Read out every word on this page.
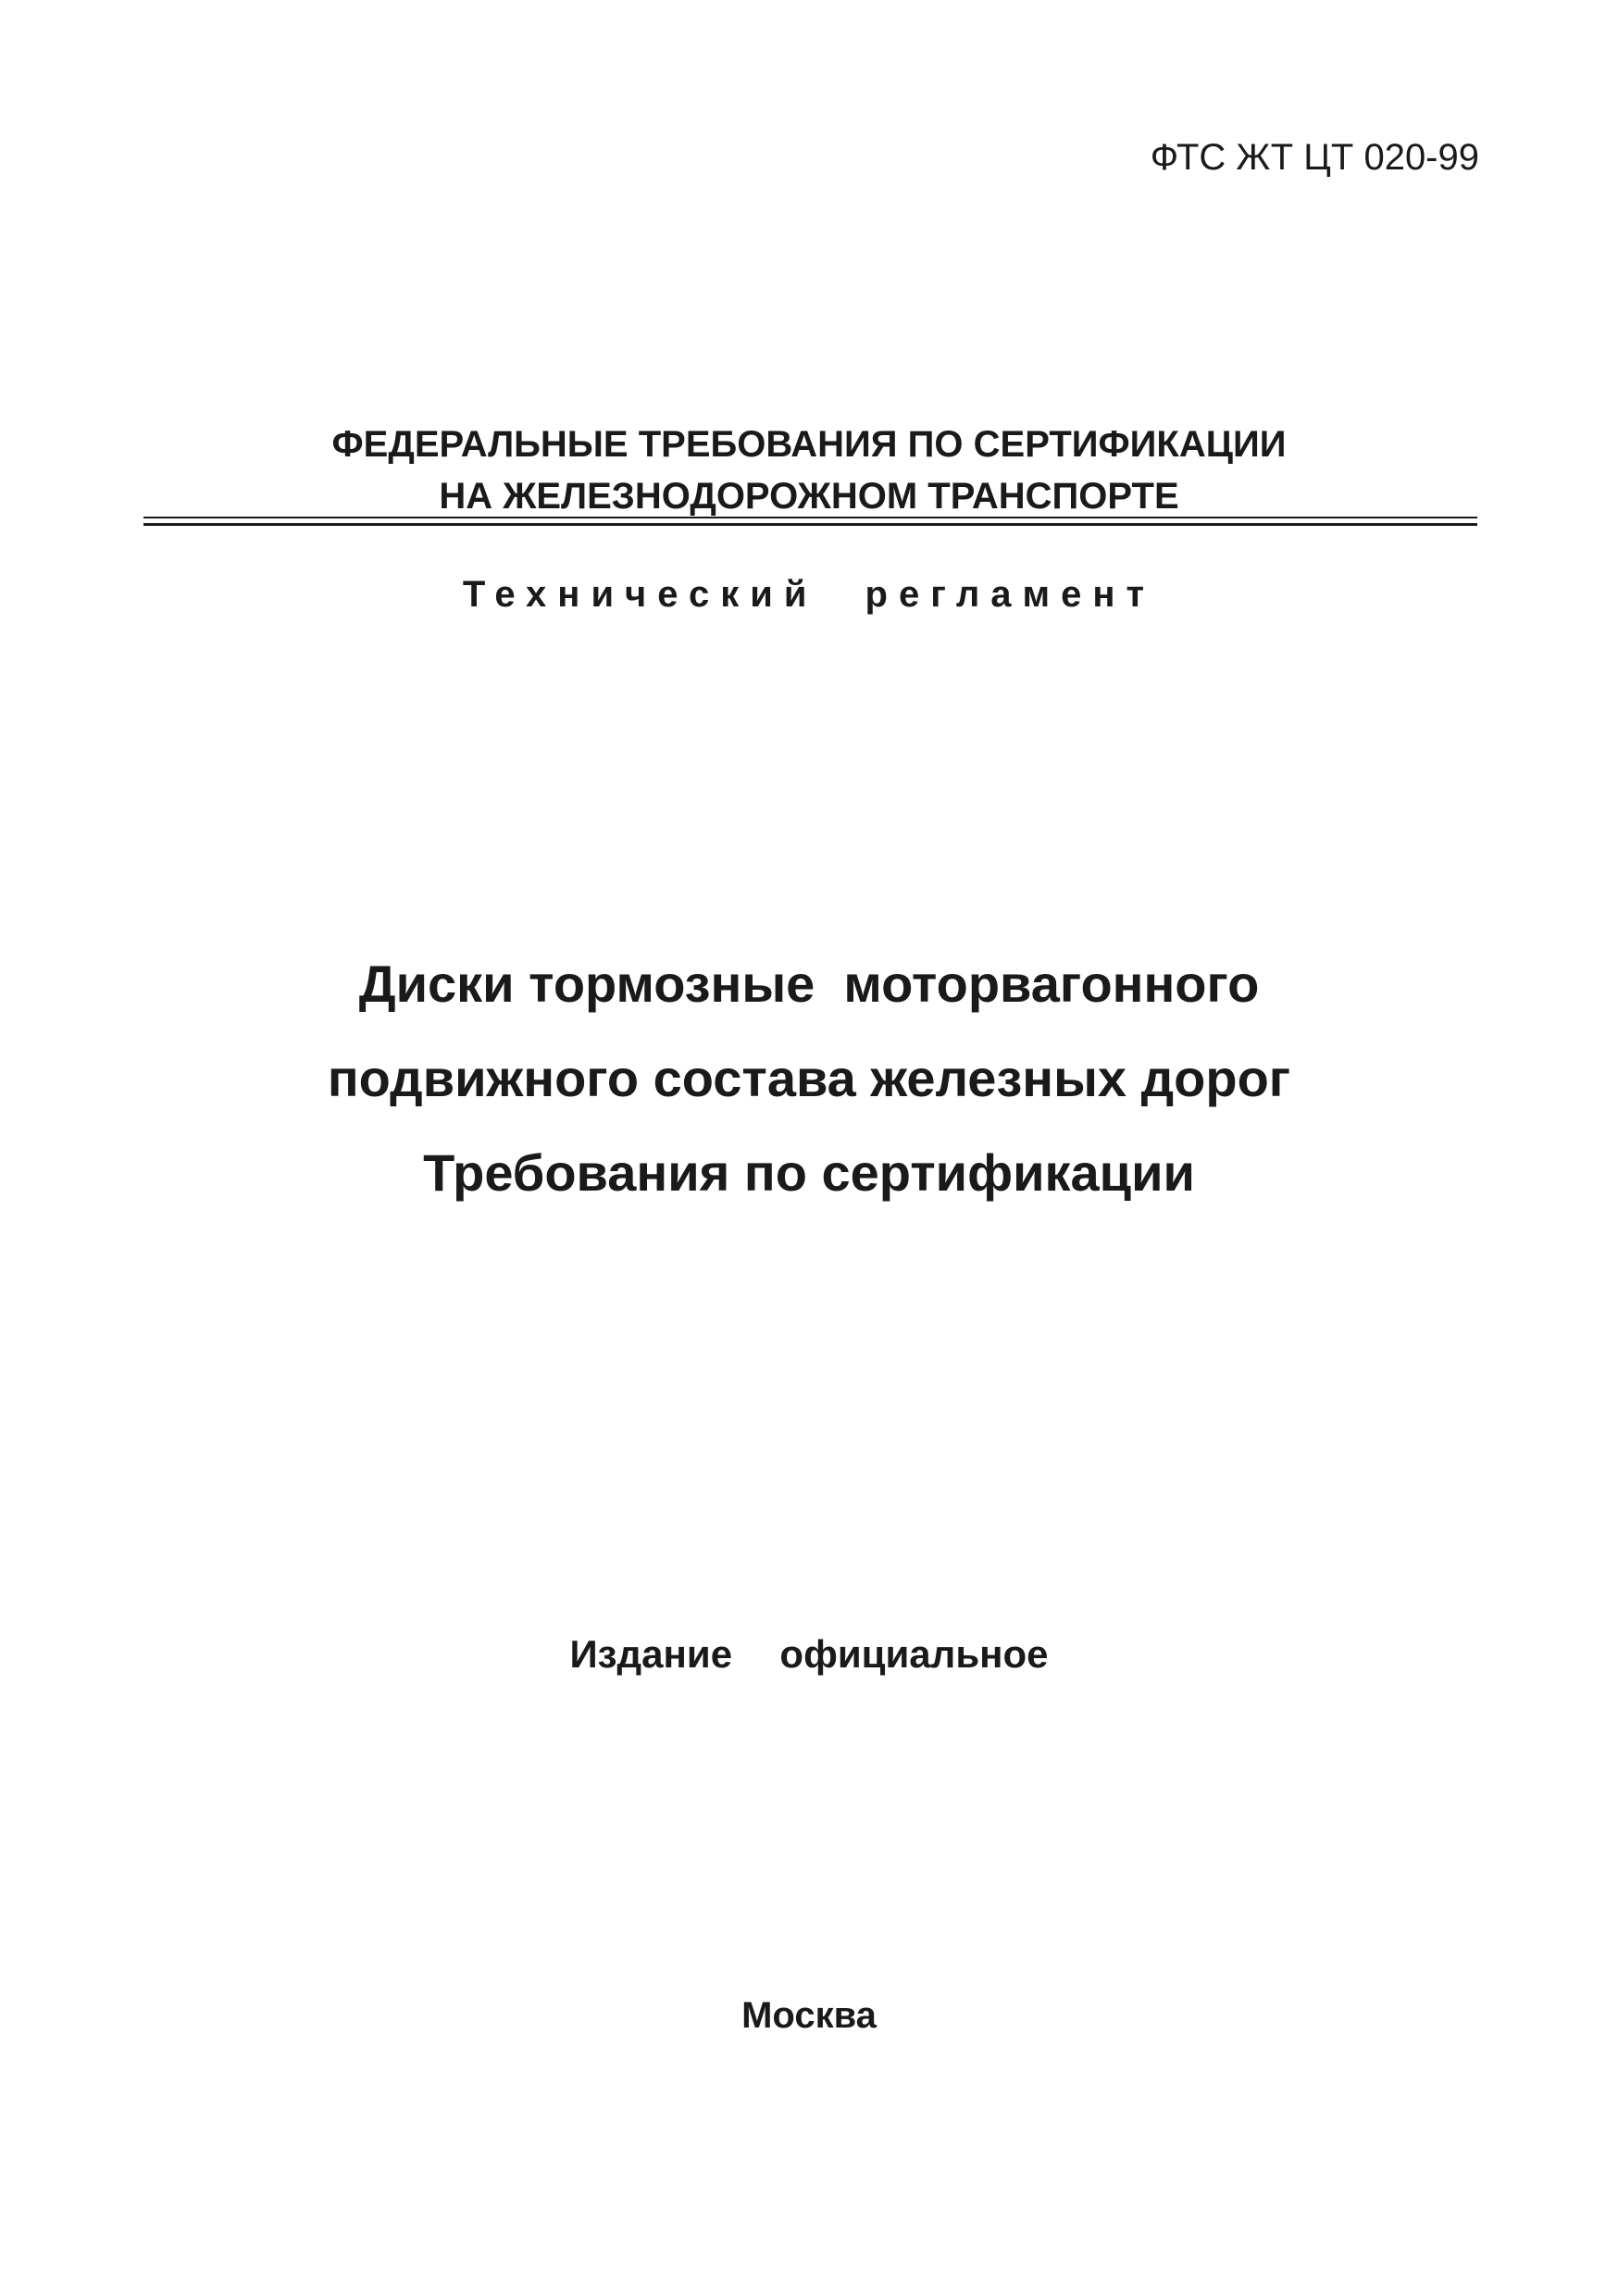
ФТС ЖТ ЦТ 020-99
ФЕДЕРАЛЬНЫЕ ТРЕБОВАНИЯ ПО СЕРТИФИКАЦИИ
НА ЖЕЛЕЗНОДОРОЖНОМ ТРАНСПОРТЕ
Технический регламент
Диски тормозные  моторвагонного
подвижного состава железных дорог
Требования по сертификации
Издание  официальное
Москва
